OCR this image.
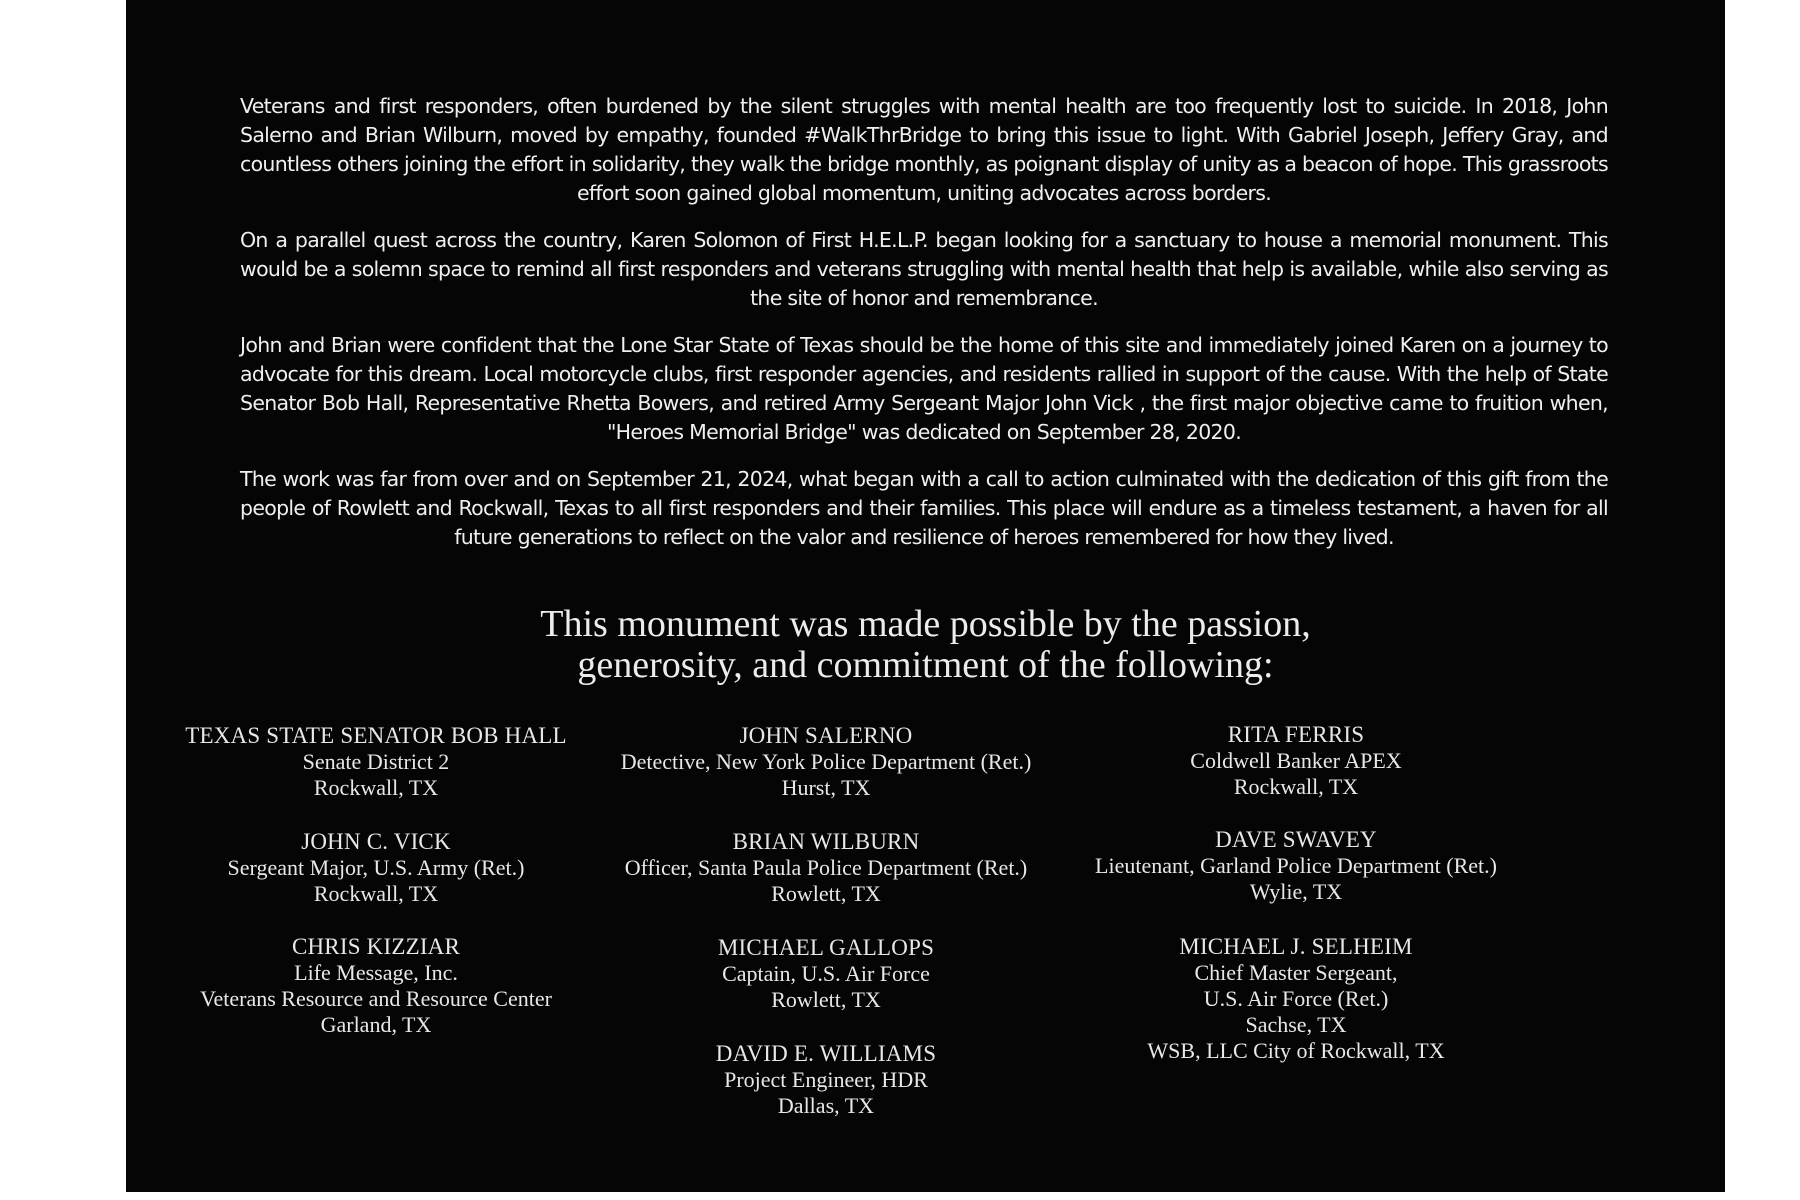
Veterans and first responders, often burdened by the silent struggles with mental health are too frequently lost to suicide. In 2018, John Salerno and Brian Wilburn, moved by empathy, founded #WalkThrBridge to bring this issue to light. With Gabriel Joseph, Jeffery Gray, and countless others joining the effort in solidarity, they walk the bridge monthly, as poignant display of unity as a beacon of hope. This grassroots effort soon gained global momentum, uniting advocates across borders.

On a parallel quest across the country, Karen Solomon of First H.E.L.P. began looking for a sanctuary to house a memorial monument. This would be a solemn space to remind all first responders and veterans struggling with mental health that help is available, while also serving as the site of honor and remembrance.

John and Brian were confident that the Lone Star State of Texas should be the home of this site and immediately joined Karen on a journey to advocate for this dream. Local motorcycle clubs, first responder agencies, and residents rallied in support of the cause. With the help of State Senator Bob Hall, Representative Rhetta Bowers, and retired Army Sergeant Major John Vick , the first major objective came to fruition when, "Heroes Memorial Bridge" was dedicated on September 28, 2020.

The work was far from over and on September 21, 2024, what began with a call to action culminated with the dedication of this gift from the people of Rowlett and Rockwall, Texas to all first responders and their families. This place will endure as a timeless testament, a haven for all future generations to reflect on the valor and resilience of heroes remembered for how they lived.

This monument was made possible by the passion,
generosity, and commitment of the following:
TEXAS STATE SENATOR BOB HALL
Senate District 2
Rockwall, TX
JOHN C. VICK
Sergeant Major, U.S. Army (Ret.)
Rockwall, TX
CHRIS KIZZIAR
Life Message, Inc.
Veterans Resource and Resource Center
Garland, TX
JOHN SALERNO
Detective, New York Police Department (Ret.)
Hurst, TX
BRIAN WILBURN
Officer, Santa Paula Police Department (Ret.)
Rowlett, TX
MICHAEL GALLOPS
Captain, U.S. Air Force
Rowlett, TX
DAVID E. WILLIAMS
Project Engineer, HDR
Dallas, TX
RITA FERRIS
Coldwell Banker APEX
Rockwall, TX
DAVE SWAVEY
Lieutenant, Garland Police Department (Ret.)
Wylie, TX
MICHAEL J. SELHEIM
Chief Master Sergeant,
U.S. Air Force (Ret.)
Sachse, TX
WSB, LLC City of Rockwall, TX
